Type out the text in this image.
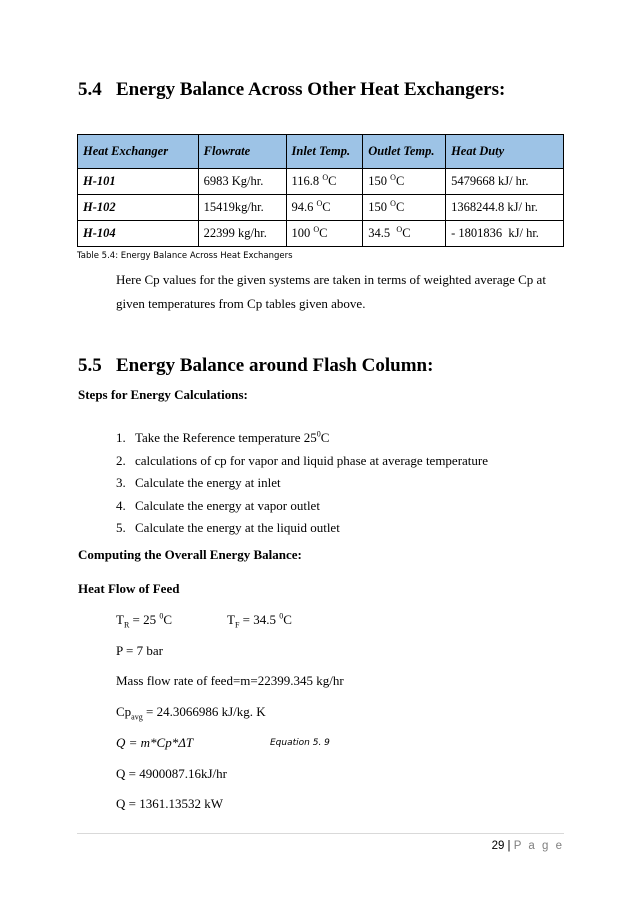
5.4 Energy Balance Across Other Heat Exchangers:
Heat Exchanger	Flowrate	Inlet Temp.	Outlet Temp.	Heat Duty
H-101	6983 Kg/hr.	116.8 $^O$C	150 $^O$C	5479668 kJ/ hr.
H-102	15419kg/hr.	94.6 $^O$C	150 $^O$C	1368244.8 kJ/ hr.
H-104	22399 kg/hr.	100 $^O$C	34.5  $^O$C	- 1801836  kJ/ hr.
Table 5.4: Energy Balance Across Heat Exchangers
Here Cp values for the given systems are taken in terms of weighted average Cp at given temperatures from Cp tables given above.
5.5 Energy Balance around Flash Column:
Steps for Energy Calculations:
1. Take the Reference temperature $25^0C$
2. calculations of cp for vapor and liquid phase at average temperature
3. Calculate the energy at inlet
4. Calculate the energy at vapor outlet
5. Calculate the energy at the liquid outlet
Computing the Overall Energy Balance:
Heat Flow of Feed
$T_R = 25$ $^0$C	$T_F = 34.5$ $^0$C
P = 7 bar
Mass flow rate of feed=m=22399.345 kg/hr
$Cp_{avg} = 24.3066986$ kJ/kg. K
Q = m*Cp*ΔT	Equation 5. 9
Q = 4900087.16kJ/hr
Q = 1361.13532 kW
29 | P a g e
